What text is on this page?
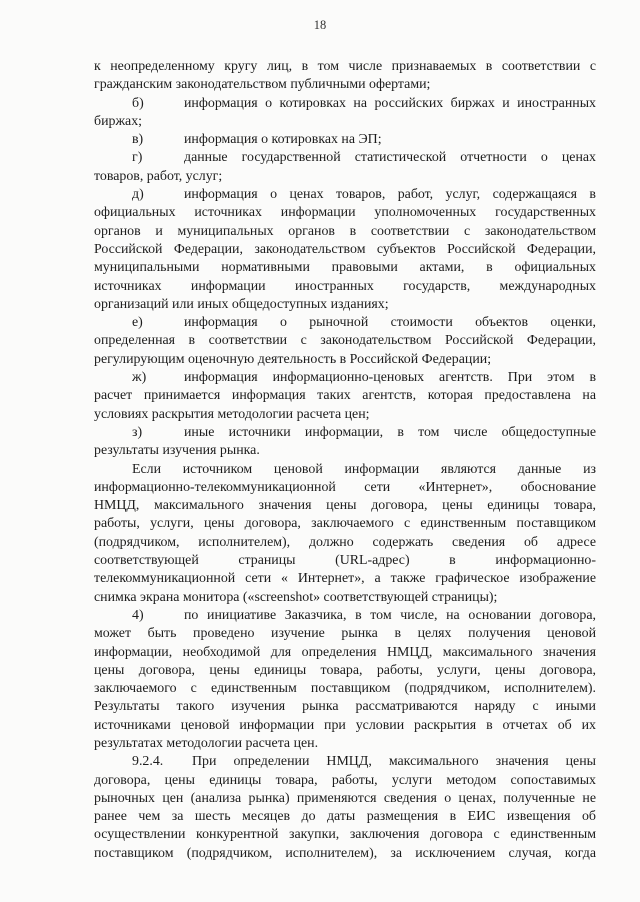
18
к неопределенному кругу лиц, в том числе признаваемых в соответствии с
гражданским законодательством публичными офертами;
б)	информация о котировках на российских биржах и иностранных
биржах;
в)	информация о котировках на ЭП;
г)	данные государственной статистической отчетности о ценах
товаров, работ, услуг;
д)	информация о ценах товаров, работ, услуг, содержащаяся в
официальных источниках информации уполномоченных государственных
органов и муниципальных органов в соответствии с законодательством
Российской Федерации, законодательством субъектов Российской Федерации,
муниципальными нормативными правовыми актами, в официальных
источниках информации иностранных государств, международных
организаций или иных общедоступных изданиях;
е)	информация о рыночной стоимости объектов оценки,
определенная в соответствии с законодательством Российской Федерации,
регулирующим оценочную деятельность в Российской Федерации;
ж)	информация информационно-ценовых агентств. При этом в
расчет принимается информация таких агентств, которая предоставлена на
условиях раскрытия методологии расчета цен;
з)	иные источники информации, в том числе общедоступные
результаты изучения рынка.
Если источником ценовой информации являются данные из
информационно-телекоммуникационной сети «Интернет», обоснование
НМЦД, максимального значения цены договора, цены единицы товара,
работы, услуги, цены договора, заключаемого с единственным поставщиком
(подрядчиком, исполнителем), должно содержать сведения об адресе
соответствующей страницы (URL-адрес) в информационно-
телекоммуникационной сети « Интернет», а также графическое изображение
снимка экрана монитора («screenshot» соответствующей страницы);
4)	по инициативе Заказчика, в том числе, на основании договора,
может быть проведено изучение рынка в целях получения ценовой
информации, необходимой для определения НМЦД, максимального значения
цены договора, цены единицы товара, работы, услуги, цены договора,
заключаемого с единственным поставщиком (подрядчиком, исполнителем).
Результаты такого изучения рынка рассматриваются наряду с иными
источниками ценовой информации при условии раскрытия в отчетах об их
результатах методологии расчета цен.
9.2.4. При определении НМЦД, максимального значения цены
договора, цены единицы товара, работы, услуги методом сопоставимых
рыночных цен (анализа рынка) применяются сведения о ценах, полученные не
ранее чем за шесть месяцев до даты размещения в ЕИС извещения об
осуществлении конкурентной закупки, заключения договора с единственным
поставщиком (подрядчиком, исполнителем), за исключением случая, когда
